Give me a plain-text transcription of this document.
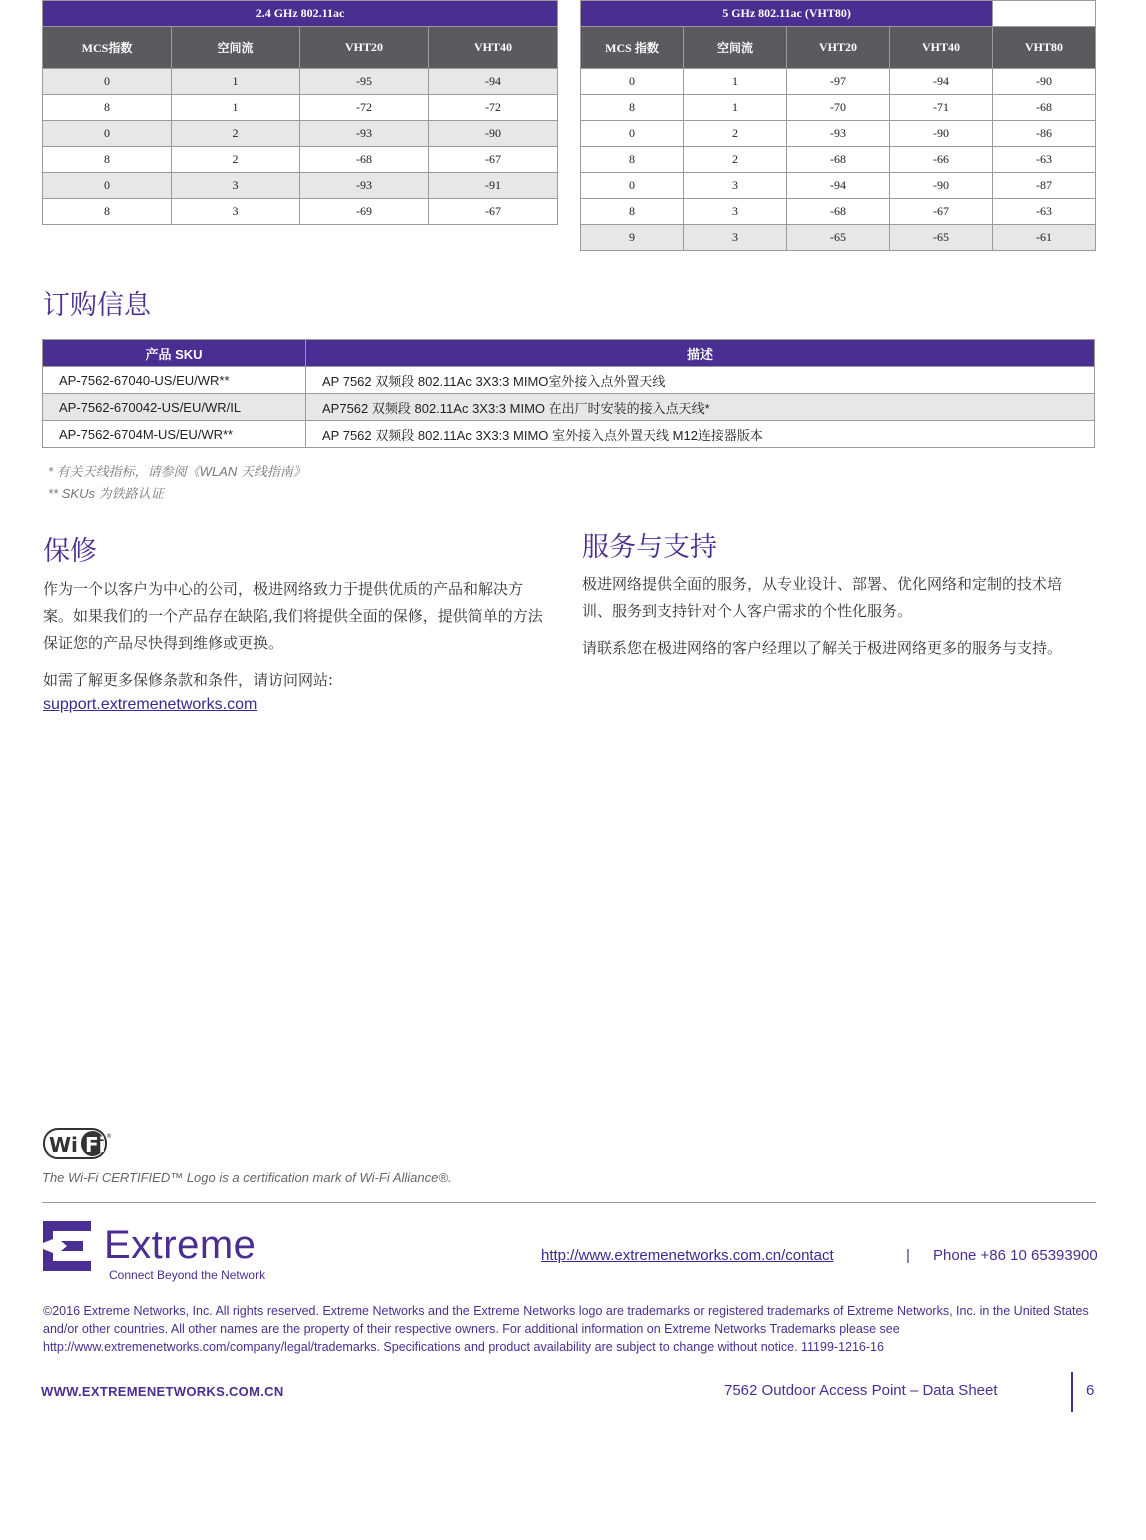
2.4 GHz 802.11ac			
MCS指数	空间流	VHT20	VHT40
0	1	-95	-94
8	1	-72	-72
0	2	-93	-90
8	2	-68	-67
0	3	-93	-91
8	3	-69	-67
5 GHz 802.11ac (VHT80)				
MCS 指数	空间流	VHT20	VHT40	VHT80
0	1	-97	-94	-90
8	1	-70	-71	-68
0	2	-93	-90	-86
8	2	-68	-66	-63
0	3	-94	-90	-87
8	3	-68	-67	-63
9	3	-65	-65	-61
订购信息
产品 SKU	描述
AP-7562-67040-US/EU/WR**	AP 7562 双频段 802.11Ac 3X3:3 MIMO室外接入点外置天线
AP-7562-670042-US/EU/WR/IL	AP7562 双频段 802.11Ac 3X3:3 MIMO 在出厂时安装的接入点天线*
AP-7562-6704M-US/EU/WR**	AP 7562 双频段 802.11Ac 3X3:3 MIMO 室外接入点外置天线 M12连接器版本
* 有关天线指标，请参阅《WLAN 天线指南》
** SKUs 为铁路认证
保修
作为一个以客户为中心的公司，极进网络致力于提供优质的产品和解决方
案。如果我们的一个产品存在缺陷,我们将提供全面的保修，提供简单的方法
保证您的产品尽快得到维修或更换。
如需了解更多保修条款和条件，请访问网站:
support.extremenetworks.com
服务与支持
极进网络提供全面的服务，从专业设计、部署、优化网络和定制的技术培
训、服务到支持针对个人客户需求的个性化服务。
请联系您在极进网络的客户经理以了解关于极进网络更多的服务与支持。
Wi Fi ®
The Wi-Fi CERTIFIED™ Logo is a certification mark of Wi-Fi Alliance®.
Extreme
Connect Beyond the Network
http://www.extremenetworks.com.cn/contact	| Phone +86 10 65393900
©2016 Extreme Networks, Inc. All rights reserved. Extreme Networks and the Extreme Networks logo are trademarks or registered trademarks of Extreme Networks, Inc. in the United States
and/or other countries. All other names are the property of their respective owners. For additional information on Extreme Networks Trademarks please see
http://www.extremenetworks.com/company/legal/trademarks. Specifications and product availability are subject to change without notice. 11199-1216-16
WWW.EXTREMENETWORKS.COM.CN	7562 Outdoor Access Point – Data Sheet	6
